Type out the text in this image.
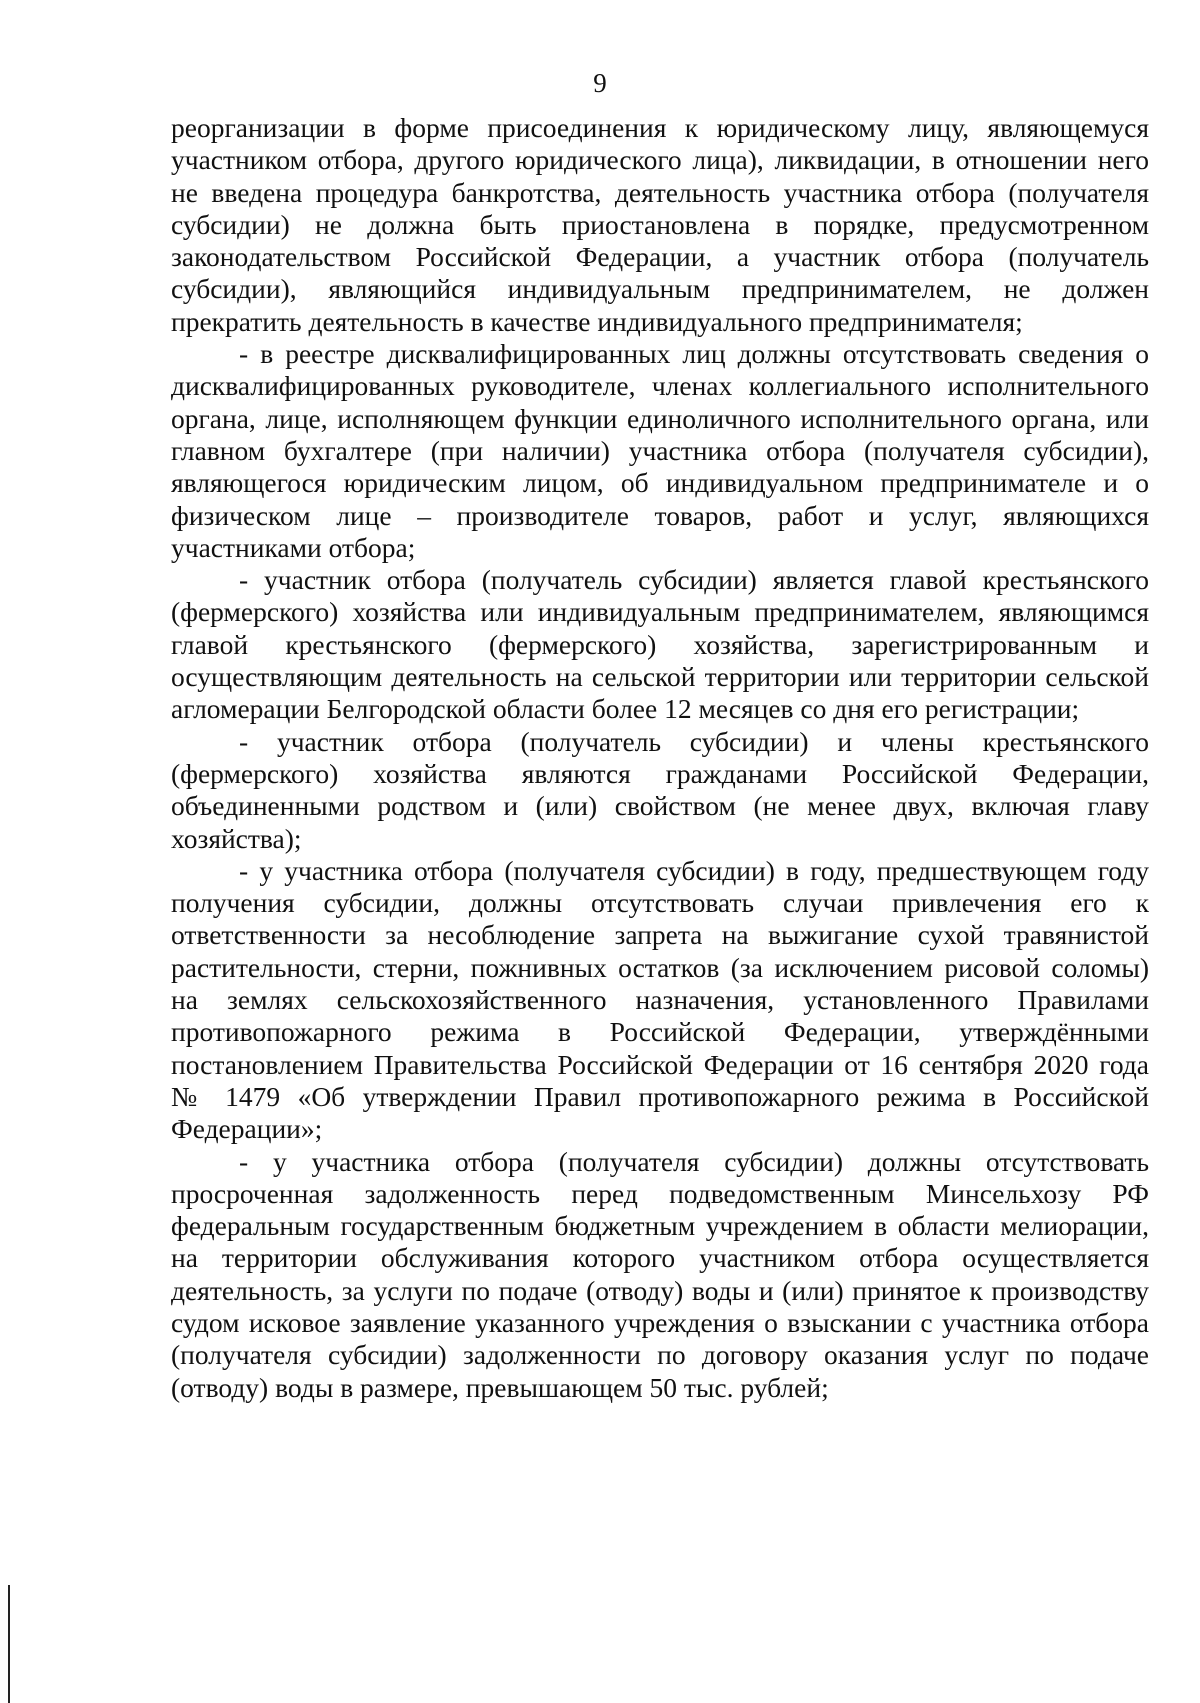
9

реорганизации в форме присоединения к юридическому лицу, являющемуся участником отбора, другого юридического лица), ликвидации, в отношении него не введена процедура банкротства, деятельность участника отбора (получателя субсидии) не должна быть приостановлена в порядке, предусмотренном законодательством Российской Федерации, а участник отбора (получатель субсидии), являющийся индивидуальным предпринимателем, не должен прекратить деятельность в качестве индивидуального предпринимателя;

- в реестре дисквалифицированных лиц должны отсутствовать сведения о дисквалифицированных руководителе, членах коллегиального исполнительного органа, лице, исполняющем функции единоличного исполнительного органа, или главном бухгалтере (при наличии) участника отбора (получателя субсидии), являющегося юридическим лицом, об индивидуальном предпринимателе и о физическом лице – производителе товаров, работ и услуг, являющихся участниками отбора;

- участник отбора (получатель субсидии) является главой крестьянского (фермерского) хозяйства или индивидуальным предпринимателем, являющимся главой крестьянского (фермерского) хозяйства, зарегистрированным и осуществляющим деятельность на сельской территории или территории сельской агломерации Белгородской области более 12 месяцев со дня его регистрации;

- участник отбора (получатель субсидии) и члены крестьянского (фермерского) хозяйства являются гражданами Российской Федерации, объединенными родством и (или) свойством (не менее двух, включая главу хозяйства);

- у участника отбора (получателя субсидии) в году, предшествующем году получения субсидии, должны отсутствовать случаи привлечения его к ответственности за несоблюдение запрета на выжигание сухой травянистой растительности, стерни, пожнивных остатков (за исключением рисовой соломы) на землях сельскохозяйственного назначения, установленного Правилами противопожарного режима в Российской Федерации, утверждёнными постановлением Правительства Российской Федерации от 16 сентября 2020 года № 1479 «Об утверждении Правил противопожарного режима в Российской Федерации»;

- у участника отбора (получателя субсидии) должны отсутствовать просроченная задолженность перед подведомственным Минсельхозу РФ федеральным государственным бюджетным учреждением в области мелиорации, на территории обслуживания которого участником отбора осуществляется деятельность, за услуги по подаче (отводу) воды и (или) принятое к производству судом исковое заявление указанного учреждения о взыскании с участника отбора (получателя субсидии) задолженности по договору оказания услуг по подаче (отводу) воды в размере, превышающем 50 тыс. рублей;
